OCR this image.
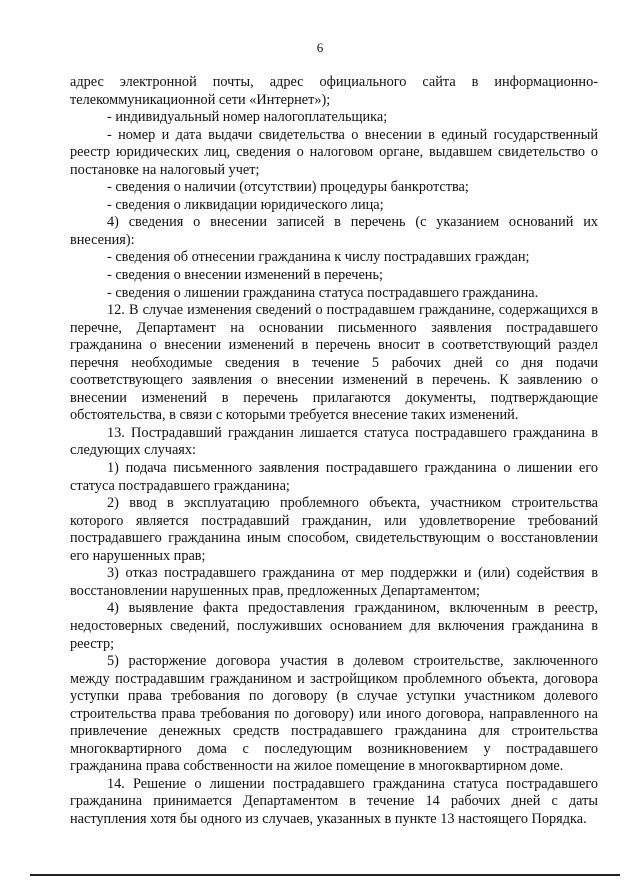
6

адрес электронной почты, адрес официального сайта в информационно-телекоммуникационной сети «Интернет»);

- индивидуальный номер налогоплательщика;

- номер и дата выдачи свидетельства о внесении в единый государственный реестр юридических лиц, сведения о налоговом органе, выдавшем свидетельство о постановке на налоговый учет;

- сведения о наличии (отсутствии) процедуры банкротства;

- сведения о ликвидации юридического лица;

4) сведения о внесении записей в перечень (с указанием оснований их внесения):

- сведения об отнесении гражданина к числу пострадавших граждан;

- сведения о внесении изменений в перечень;

- сведения о лишении гражданина статуса пострадавшего гражданина.

12. В случае изменения сведений о пострадавшем гражданине, содержащихся в перечне, Департамент на основании письменного заявления пострадавшего гражданина о внесении изменений в перечень вносит в соответствующий раздел перечня необходимые сведения в течение 5 рабочих дней со дня подачи соответствующего заявления о внесении изменений в перечень. К заявлению о внесении изменений в перечень прилагаются документы, подтверждающие обстоятельства, в связи с которыми требуется внесение таких изменений.

13. Пострадавший гражданин лишается статуса пострадавшего гражданина в следующих случаях:

1) подача письменного заявления пострадавшего гражданина о лишении его статуса пострадавшего гражданина;

2) ввод в эксплуатацию проблемного объекта, участником строительства которого является пострадавший гражданин, или удовлетворение требований пострадавшего гражданина иным способом, свидетельствующим о восстановлении его нарушенных прав;

3) отказ пострадавшего гражданина от мер поддержки и (или) содействия в восстановлении нарушенных прав, предложенных Департаментом;

4) выявление факта предоставления гражданином, включенным в реестр, недостоверных сведений, послуживших основанием для включения гражданина в реестр;

5) расторжение договора участия в долевом строительстве, заключенного между пострадавшим гражданином и застройщиком проблемного объекта, договора уступки права требования по договору (в случае уступки участником долевого строительства права требования по договору) или иного договора, направленного на привлечение денежных средств пострадавшего гражданина для строительства многоквартирного дома с последующим возникновением у пострадавшего гражданина права собственности на жилое помещение в многоквартирном доме.

14. Решение о лишении пострадавшего гражданина статуса пострадавшего гражданина принимается Департаментом в течение 14 рабочих дней с даты наступления хотя бы одного из случаев, указанных в пункте 13 настоящего Порядка.
